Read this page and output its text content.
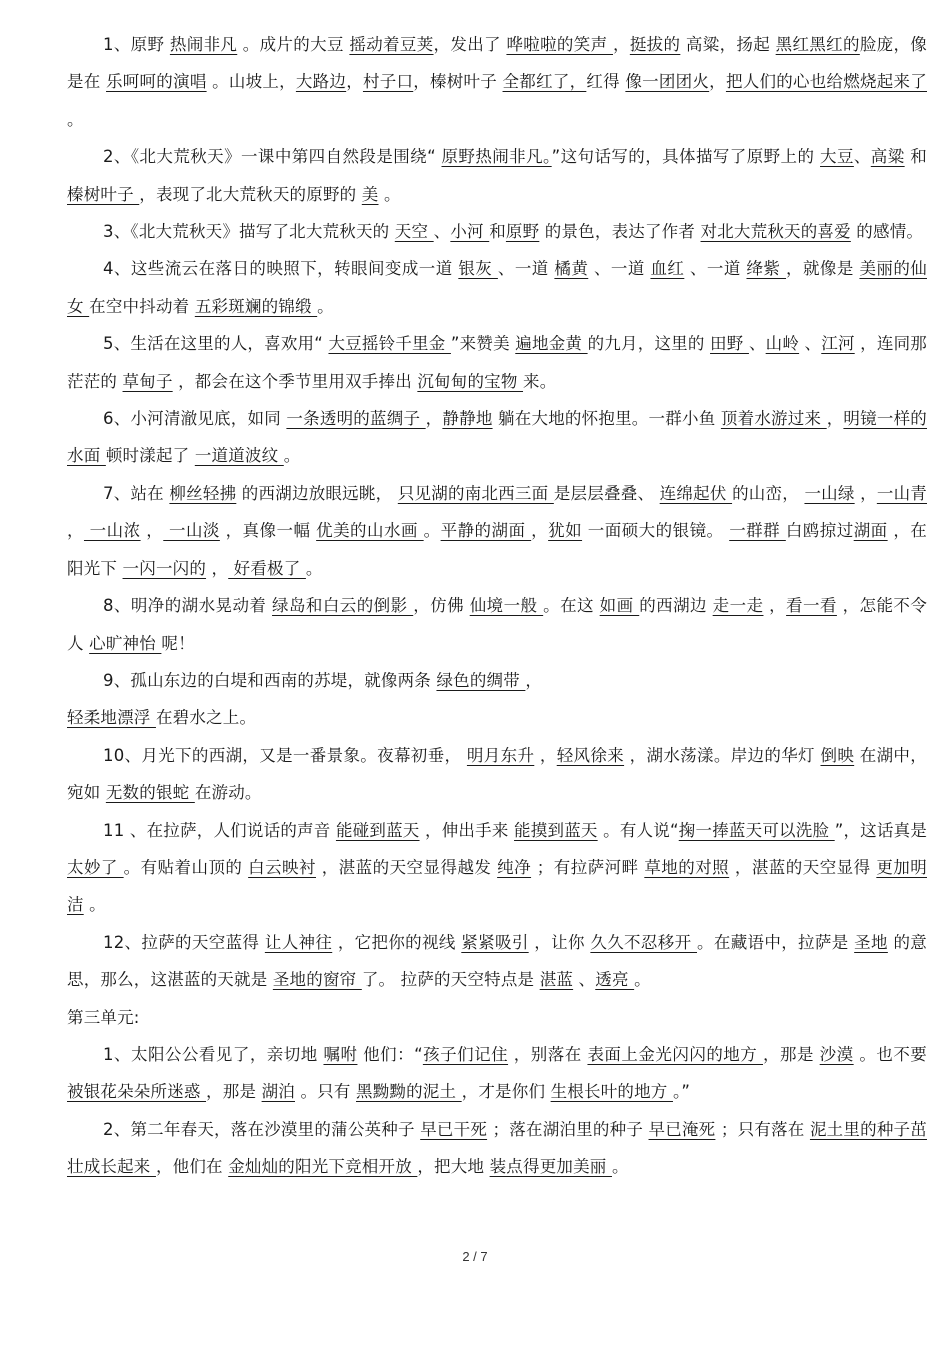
1、原野 热闹非凡 。成片的大豆 摇动着豆荚，发出了 哗啦啦的笑声 ，挺拔的 高粱，扬起 黑红黑红的脸庞，像是在 乐呵呵的演唱 。山坡上，大路边，村子口，榛树叶子 全都红了，红得 像一团团火，把人们的心也给燃烧起来了 。

2、《北大荒秋天》一课中第四自然段是围绕“ 原野热闹非凡。”这句话写的，具体描写了原野上的 大豆、高粱 和榛树叶子 ，表现了北大荒秋天的原野的 美 。

3、《北大荒秋天》描写了北大荒秋天的 天空 、小河 和原野 的景色，表达了作者 对北大荒秋天的喜爱 的感情。

4、这些流云在落日的映照下，转眼间变成一道 银灰 、一道 橘黄 、一道 血红 、一道 绛紫 ，就像是 美丽的仙女 在空中抖动着 五彩斑斓的锦缎 。

5、生活在这里的人，喜欢用“ 大豆摇铃千里金 ”来赞美 遍地金黄 的九月，这里的 田野 、山岭 、江河 ，连同那茫茫的 草甸子 ，都会在这个季节里用双手捧出 沉甸甸的宝物 来。

6、小河清澈见底，如同 一条透明的蓝绸子 ，静静地 躺在大地的怀抱里。一群小鱼 顶着水游过来 ，明镜一样的水面 顿时漾起了 一道道波纹 。

7、站在 柳丝轻拂 的西湖边放眼远眺， 只见湖的南北西三面 是层层叠叠、 连绵起伏 的山峦， 一山绿 ，一山青 ， 一山浓 ， 一山淡 ，真像一幅 优美的山水画 。平静的湖面 ，犹如 一面硕大的银镜。 一群群 白鸥掠过湖面 ，在阳光下 一闪一闪的 ， 好看极了 。

8、明净的湖水晃动着 绿岛和白云的倒影 ，仿佛 仙境一般 。在这 如画 的西湖边 走一走 ，看一看 ，怎能不令人 心旷神怡 呢！

9、孤山东边的白堤和西南的苏堤，就像两条 绿色的绸带 ，

轻柔地漂浮 在碧水之上。

10、月光下的西湖，又是一番景象。夜幕初垂， 明月东升 ，轻风徐来 ，湖水荡漾。岸边的华灯 倒映 在湖中，宛如 无数的银蛇 在游动。

11 、在拉萨，人们说话的声音 能碰到蓝天 ，伸出手来 能摸到蓝天 。有人说“掬一捧蓝天可以洗脸 ”，这话真是 太妙了 。有贴着山顶的 白云映衬 ，湛蓝的天空显得越发 纯净 ；有拉萨河畔 草地的对照 ，湛蓝的天空显得 更加明洁 。

12、拉萨的天空蓝得 让人神往 ，它把你的视线 紧紧吸引 ，让你 久久不忍移开 。在藏语中，拉萨是 圣地 的意思，那么，这湛蓝的天就是 圣地的窗帘 了。 拉萨的天空特点是 湛蓝 、透亮 。

第三单元:

1、太阳公公看见了，亲切地 嘱咐 他们：“孩子们记住 ，别落在 表面上金光闪闪的地方 ，那是 沙漠 。也不要 被银花朵朵所迷惑 ，那是 湖泊 。只有 黑黝黝的泥土 ，才是你们 生根长叶的地方 。”

2、第二年春天，落在沙漠里的蒲公英种子 早已干死 ；落在湖泊里的种子 早已淹死 ；只有落在 泥土里的种子茁壮成长起来 ，他们在 金灿灿的阳光下竞相开放 ，把大地 装点得更加美丽 。

2 / 7
